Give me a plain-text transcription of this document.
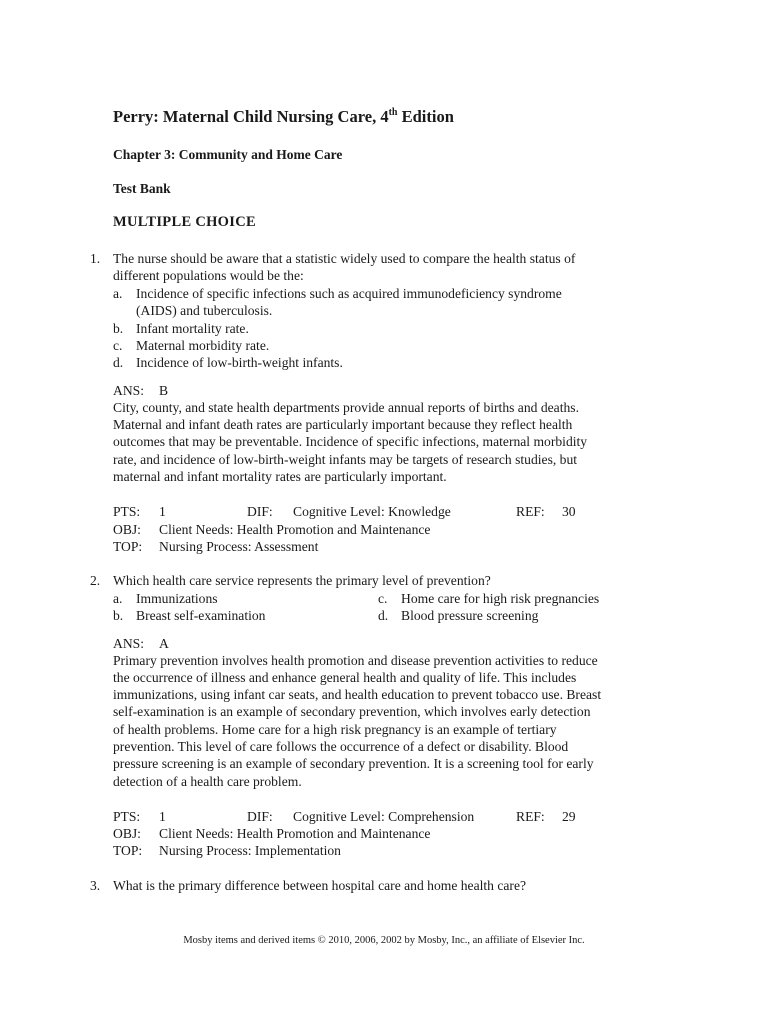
Perry: Maternal Child Nursing Care, 4th Edition
Chapter 3: Community and Home Care
Test Bank
MULTIPLE CHOICE
1. The nurse should be aware that a statistic widely used to compare the health status of
different populations would be the:
a. Incidence of specific infections such as acquired immunodeficiency syndrome
(AIDS) and tuberculosis.
b. Infant mortality rate.
c. Maternal morbidity rate.
d. Incidence of low-birth-weight infants.
ANS: B
City, county, and state health departments provide annual reports of births and deaths.
Maternal and infant death rates are particularly important because they reflect health
outcomes that may be preventable. Incidence of specific infections, maternal morbidity
rate, and incidence of low-birth-weight infants may be targets of research studies, but
maternal and infant mortality rates are particularly important.
PTS: 1	DIF: Cognitive Level: Knowledge	REF: 30
OBJ: Client Needs: Health Promotion and Maintenance
TOP: Nursing Process: Assessment
2. Which health care service represents the primary level of prevention?
a. Immunizations	c. Home care for high risk pregnancies
b. Breast self-examination	d. Blood pressure screening
ANS: A
Primary prevention involves health promotion and disease prevention activities to reduce
the occurrence of illness and enhance general health and quality of life. This includes
immunizations, using infant car seats, and health education to prevent tobacco use. Breast
self-examination is an example of secondary prevention, which involves early detection
of health problems. Home care for a high risk pregnancy is an example of tertiary
prevention. This level of care follows the occurrence of a defect or disability. Blood
pressure screening is an example of secondary prevention. It is a screening tool for early
detection of a health care problem.
PTS: 1	DIF: Cognitive Level: Comprehension	REF: 29
OBJ: Client Needs: Health Promotion and Maintenance
TOP: Nursing Process: Implementation
3. What is the primary difference between hospital care and home health care?
Mosby items and derived items © 2010, 2006, 2002 by Mosby, Inc., an affiliate of Elsevier Inc.
